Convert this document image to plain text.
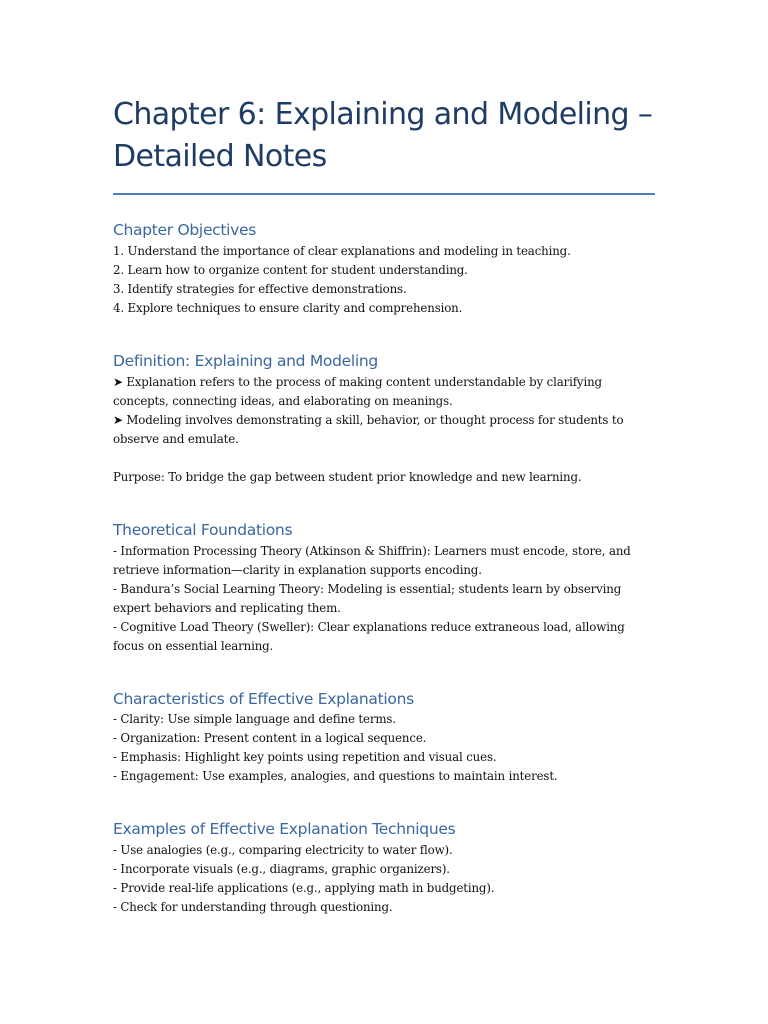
Chapter 6: Explaining and Modeling –
Detailed Notes
Chapter Objectives
1. Understand the importance of clear explanations and modeling in teaching.
2. Learn how to organize content for student understanding.
3. Identify strategies for effective demonstrations.
4. Explore techniques to ensure clarity and comprehension.
Definition: Explaining and Modeling
➤ Explanation refers to the process of making content understandable by clarifying
concepts, connecting ideas, and elaborating on meanings.
➤ Modeling involves demonstrating a skill, behavior, or thought process for students to
observe and emulate.
Purpose: To bridge the gap between student prior knowledge and new learning.
Theoretical Foundations
- Information Processing Theory (Atkinson & Shiffrin): Learners must encode, store, and
retrieve information—clarity in explanation supports encoding.
- Bandura’s Social Learning Theory: Modeling is essential; students learn by observing
expert behaviors and replicating them.
- Cognitive Load Theory (Sweller): Clear explanations reduce extraneous load, allowing
focus on essential learning.
Characteristics of Effective Explanations
- Clarity: Use simple language and define terms.
- Organization: Present content in a logical sequence.
- Emphasis: Highlight key points using repetition and visual cues.
- Engagement: Use examples, analogies, and questions to maintain interest.
Examples of Effective Explanation Techniques
- Use analogies (e.g., comparing electricity to water flow).
- Incorporate visuals (e.g., diagrams, graphic organizers).
- Provide real-life applications (e.g., applying math in budgeting).
- Check for understanding through questioning.
